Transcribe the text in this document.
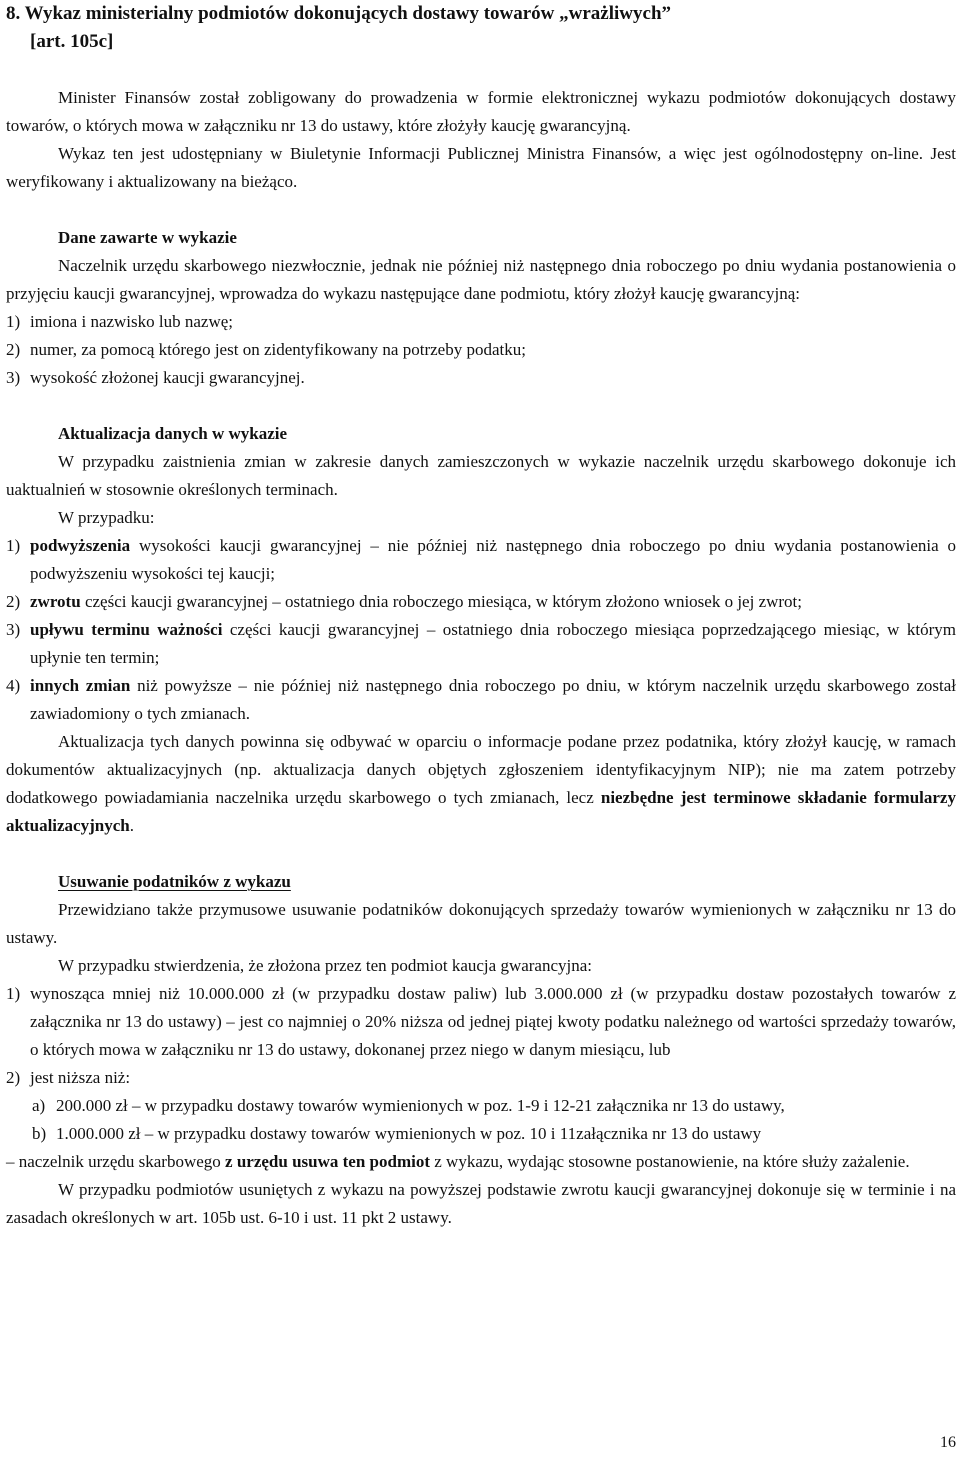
8. Wykaz ministerialny podmiotów dokonujących dostawy towarów „wrażliwych”
[art. 105c]

Minister Finansów został zobligowany do prowadzenia w formie elektronicznej wykazu podmiotów dokonujących dostawy towarów, o których mowa w załączniku nr 13 do ustawy, które złożyły kaucję gwarancyjną.

Wykaz ten jest udostępniany w Biuletynie Informacji Publicznej Ministra Finansów, a więc jest ogólnodostępny on-line. Jest weryfikowany i aktualizowany na bieżąco.

Dane zawarte w wykazie

Naczelnik urzędu skarbowego niezwłocznie, jednak nie później niż następnego dnia roboczego po dniu wydania postanowienia o przyjęciu kaucji gwarancyjnej, wprowadza do wykazu następujące dane podmiotu, który złożył kaucję gwarancyjną:

1) imiona i nazwisko lub nazwę;

2) numer, za pomocą którego jest on zidentyfikowany na potrzeby podatku;

3) wysokość złożonej kaucji gwarancyjnej.

Aktualizacja danych w wykazie

W przypadku zaistnienia zmian w zakresie danych zamieszczonych w wykazie naczelnik urzędu skarbowego dokonuje ich uaktualnień w stosownie określonych terminach.

W przypadku:

1) podwyższenia wysokości kaucji gwarancyjnej ‒ nie później niż następnego dnia roboczego po dniu wydania postanowienia o podwyższeniu wysokości tej kaucji;

2) zwrotu części kaucji gwarancyjnej ‒ ostatniego dnia roboczego miesiąca, w którym złożono wniosek o jej zwrot;

3) upływu terminu ważności części kaucji gwarancyjnej ‒ ostatniego dnia roboczego miesiąca poprzedzającego miesiąc, w którym upłynie ten termin;

4) innych zmian niż powyższe ‒ nie później niż następnego dnia roboczego po dniu, w którym naczelnik urzędu skarbowego został zawiadomiony o tych zmianach.

Aktualizacja tych danych powinna się odbywać w oparciu o informacje podane przez podatnika, który złożył kaucję, w ramach dokumentów aktualizacyjnych (np. aktualizacja danych objętych zgłoszeniem identyfikacyjnym NIP); nie ma zatem potrzeby dodatkowego powiadamiania naczelnika urzędu skarbowego o tych zmianach, lecz niezbędne jest terminowe składanie formularzy aktualizacyjnych.

Usuwanie podatników z wykazu

Przewidziano także przymusowe usuwanie podatników dokonujących sprzedaży towarów wymienionych w załączniku nr 13 do ustawy.

W przypadku stwierdzenia, że złożona przez ten podmiot kaucja gwarancyjna:

1) wynosząca mniej niż 10.000.000 zł (w przypadku dostaw paliw) lub 3.000.000 zł (w przypadku dostaw pozostałych towarów z załącznika nr 13 do ustawy) ‒ jest co najmniej o 20% niższa od jednej piątej kwoty podatku należnego od wartości sprzedaży towarów, o których mowa w załączniku nr 13 do ustawy, dokonanej przez niego w danym miesiącu, lub

2) jest niższa niż:

a) 200.000 zł ‒ w przypadku dostawy towarów wymienionych w poz. 1-9 i 12-21 załącznika nr 13 do ustawy,

b) 1.000.000 zł ‒ w przypadku dostawy towarów wymienionych w poz. 10 i 11załącznika nr 13 do ustawy

‒ naczelnik urzędu skarbowego z urzędu usuwa ten podmiot z wykazu, wydając stosowne postanowienie, na które służy zażalenie.

W przypadku podmiotów usuniętych z wykazu na powyższej podstawie zwrotu kaucji gwarancyjnej dokonuje się w terminie i na zasadach określonych w art. 105b ust. 6-10 i ust. 11 pkt 2 ustawy.

16
